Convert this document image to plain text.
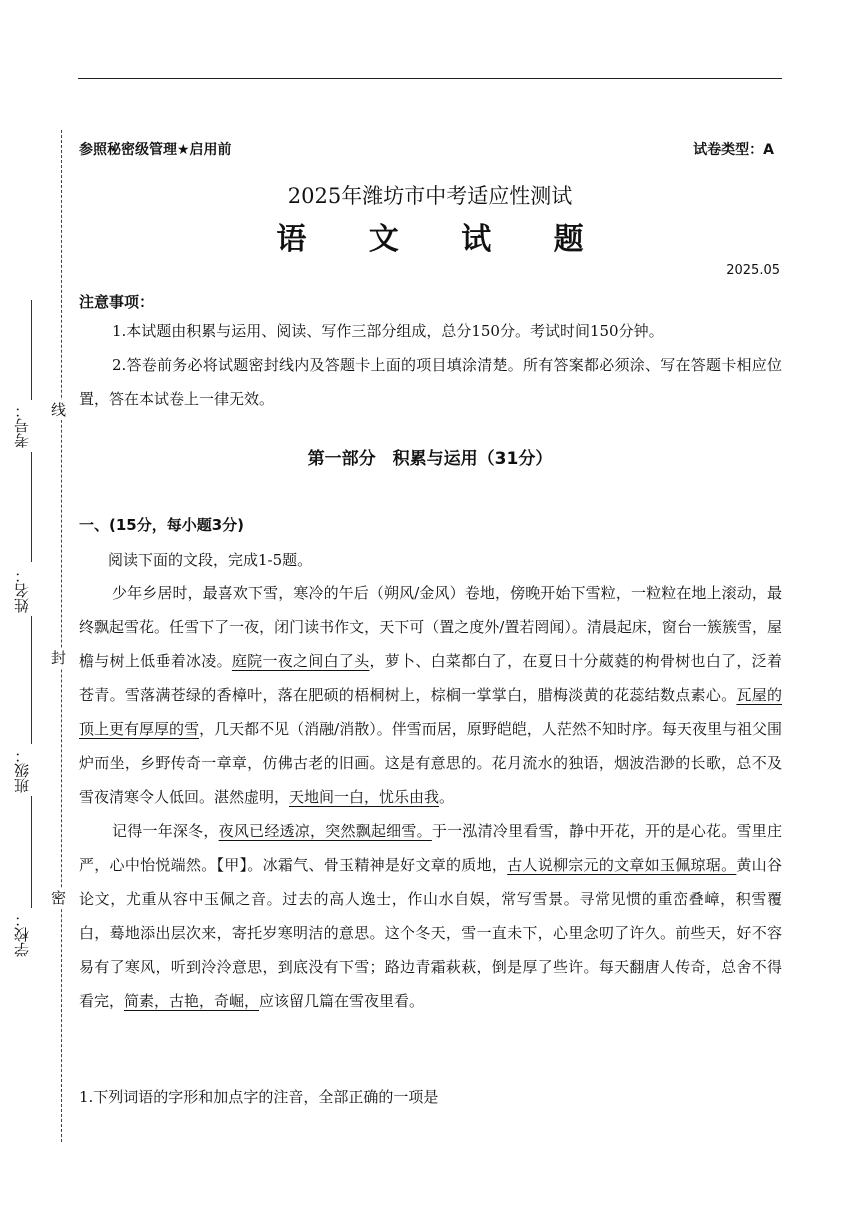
线
封
密
考号：
姓名：
班级：
学校：
参照秘密级管理★启用前	试卷类型：A
2025年潍坊市中考适应性测试
语 文 试 题
2025.05
注意事项：
1.本试题由积累与运用、阅读、写作三部分组成，总分150分。考试时间150分钟。
2.答卷前务必将试题密封线内及答题卡上面的项目填涂清楚。所有答案都必须涂、写在答题卡相应位置，答在本试卷上一律无效。
第一部分　积累与运用（31分）
一、(15分，每小题3分)
阅读下面的文段，完成1-5题。
少年乡居时，最喜欢下雪，寒冷的午后（朔风/金风）卷地，傍晚开始下雪粒，一粒粒在地上滚动，最终飘起雪花。任雪下了一夜，闭门读书作文，天下可（置之度外/置若罔闻）。清晨起床，窗台一簇簇雪，屋檐与树上低垂着冰凌。庭院一夜之间白了头，萝卜、白菜都白了，在夏日十分葳蕤的枸骨树也白了，泛着苍青。雪落满苍绿的香樟叶，落在肥硕的梧桐树上，棕榈一掌掌白，腊梅淡黄的花蕊结数点素心。瓦屋的顶上更有厚厚的雪，几天都不见（消融/消散）。伴雪而居，原野皑皑，人茫然不知时序。每天夜里与祖父围炉而坐，乡野传奇一章章，仿佛古老的旧画。这是有意思的。花月流水的独语，烟波浩渺的长歌，总不及雪夜清寒令人低回。湛然虚明，天地间一白，忧乐由我。
记得一年深冬，夜风已经透凉，突然飘起细雪。于一泓清冷里看雪，静中开花，开的是心花。雪里庄严，心中怡悦端然。【甲】。冰霜气、骨玉精神是好文章的质地，古人说柳宗元的文章如玉佩琼琚。黄山谷论文，尤重从容中玉佩之音。过去的高人逸士，作山水自娱，常写雪景。寻常见惯的重峦叠嶂，积雪覆白，蓦地添出层次来，寄托岁寒明洁的意思。这个冬天，雪一直未下，心里念叨了许久。前些天，好不容易有了寒风，听到泠泠意思，到底没有下雪；路边青霜萩萩，倒是厚了些许。每天翻唐人传奇，总舍不得看完，简素，古艳，奇崛，应该留几篇在雪夜里看。
1.下列词语的字形和加点字的注音，全部正确的一项是
